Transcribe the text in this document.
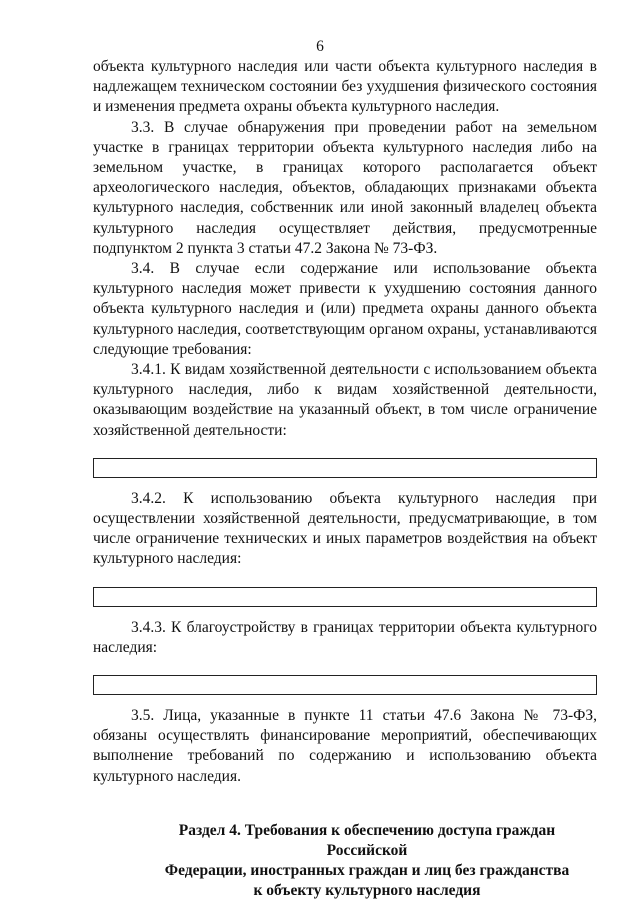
6

объекта культурного наследия или части объекта культурного наследия в надлежащем техническом состоянии без ухудшения физического состояния и изменения предмета охраны объекта культурного наследия.

3.3. В случае обнаружения при проведении работ на земельном участке в границах территории объекта культурного наследия либо на земельном участке, в границах которого располагается объект археологического наследия, объектов, обладающих признаками объекта культурного наследия, собственник или иной законный владелец объекта культурного наследия осуществляет действия, предусмотренные подпунктом 2 пункта 3 статьи 47.2 Закона № 73-ФЗ.

3.4. В случае если содержание или использование объекта культурного наследия может привести к ухудшению состояния данного объекта культурного наследия и (или) предмета охраны данного объекта культурного наследия, соответствующим органом охраны, устанавливаются следующие требования:

3.4.1. К видам хозяйственной деятельности с использованием объекта культурного наследия, либо к видам хозяйственной деятельности, оказывающим воздействие на указанный объект, в том числе ограничение хозяйственной деятельности:

3.4.2. К использованию объекта культурного наследия при осуществлении хозяйственной деятельности, предусматривающие, в том числе ограничение технических и иных параметров воздействия на объект культурного наследия:

3.4.3. К благоустройству в границах территории объекта культурного наследия:

3.5. Лица, указанные в пункте 11 статьи 47.6 Закона № 73-ФЗ, обязаны осуществлять финансирование мероприятий, обеспечивающих выполнение требований по содержанию и использованию объекта культурного наследия.

Раздел 4. Требования к обеспечению доступа граждан Российской
Федерации, иностранных граждан и лиц без гражданства
к объекту культурного наследия
